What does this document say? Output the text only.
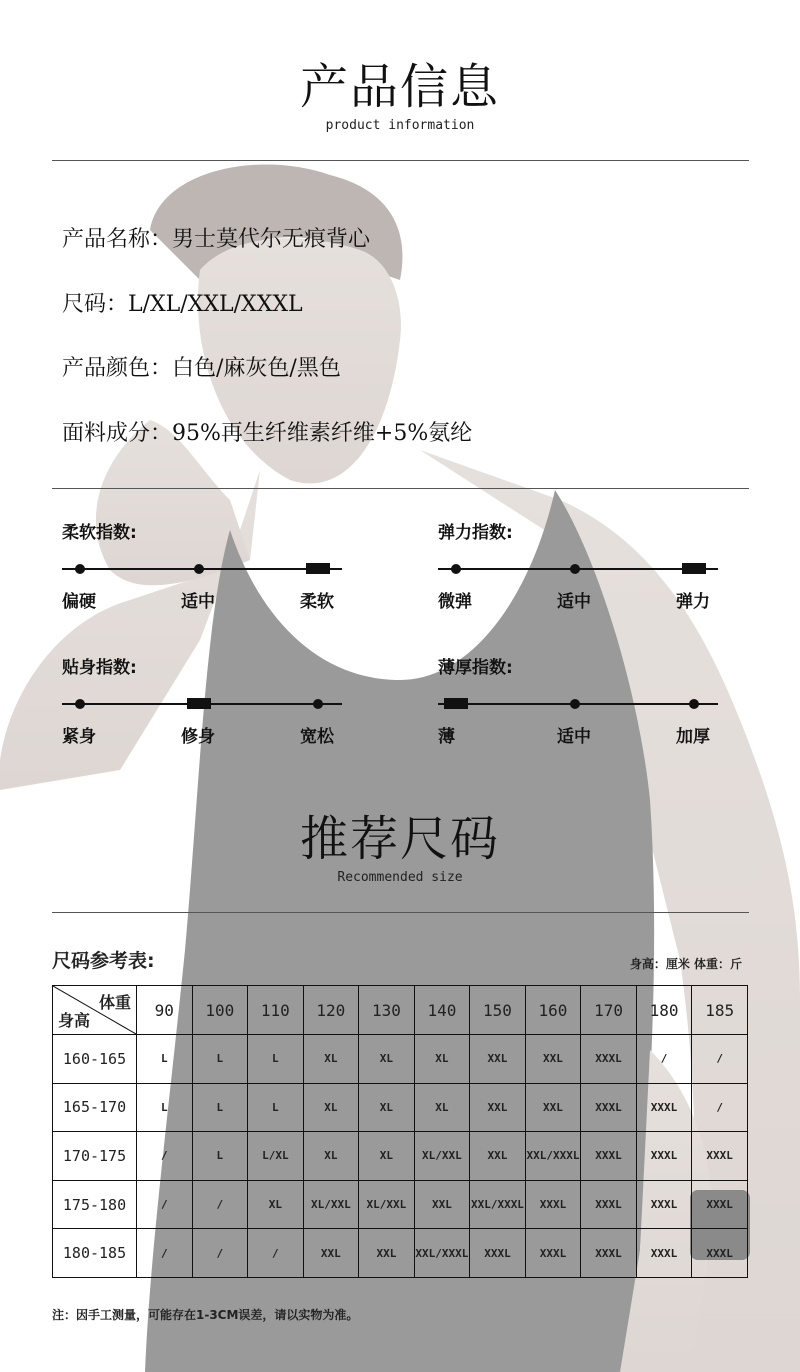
产品信息
product information
产品名称：男士莫代尔无痕背心
尺码：L/XL/XXL/XXXL
产品颜色：白色/麻灰色/黑色
面料成分：95%再生纤维素纤维+5%氨纶
柔软指数:
偏硬	适中	柔软
弹力指数:
微弹	适中	弹力
贴身指数:
紧身	修身	宽松
薄厚指数:
薄	适中	加厚
推荐尺码
Recommended size
尺码参考表:	身高：厘米 体重：斤
体重
身高	90	100	110	120	130	140	150	160	170	180	185
160-165	L	L	L	XL	XL	XL	XXL	XXL	XXXL	/	/
165-170	L	L	L	XL	XL	XL	XXL	XXL	XXXL	XXXL	/
170-175	/	L	L/XL	XL	XL	XL/XXL	XXL	XXL/XXXL	XXXL	XXXL	XXXL
175-180	/	/	XL	XL/XXL	XL/XXL	XXL	XXL/XXXL	XXXL	XXXL	XXXL	XXXL
180-185	/	/	/	XXL	XXL	XXL/XXXL	XXXL	XXXL	XXXL	XXXL	XXXL
注：因手工测量，可能存在1-3CM误差，请以实物为准。
